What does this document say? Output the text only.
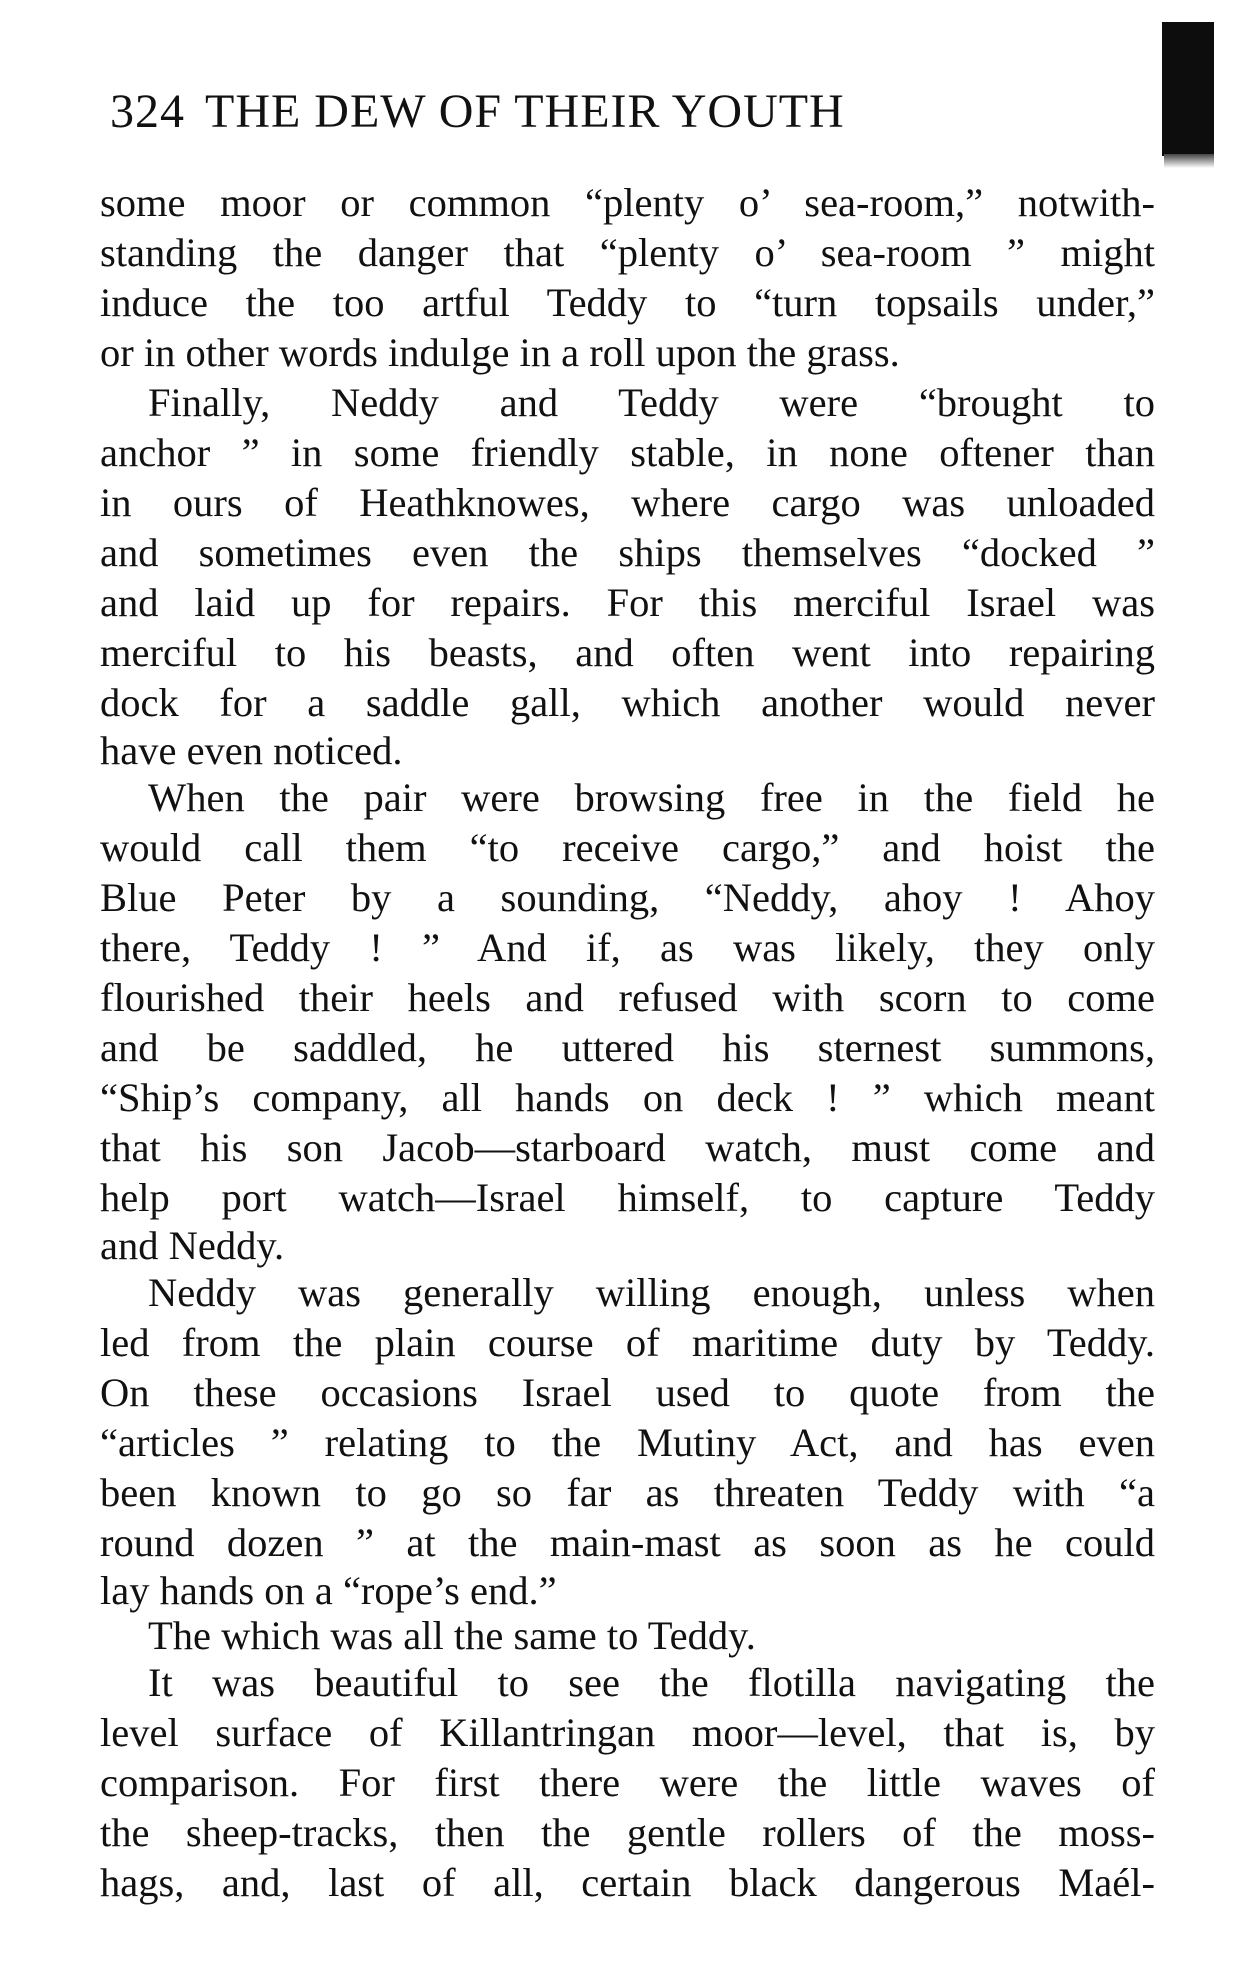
324 THE DEW OF THEIR YOUTH
some moor or common “plenty o’ sea-room,” notwith-
standing the danger that “plenty o’ sea-room ” might
induce the too artful Teddy to “turn topsails under,”
or in other words indulge in a roll upon the grass.
Finally, Neddy and Teddy were “brought to
anchor ” in some friendly stable, in none oftener than
in ours of Heathknowes, where cargo was unloaded
and sometimes even the ships themselves “docked ”
and laid up for repairs. For this merciful Israel was
merciful to his beasts, and often went into repairing
dock for a saddle gall, which another would never
have even noticed.
When the pair were browsing free in the field he
would call them “to receive cargo,” and hoist the
Blue Peter by a sounding, “Neddy, ahoy ! Ahoy
there, Teddy ! ” And if, as was likely, they only
flourished their heels and refused with scorn to come
and be saddled, he uttered his sternest summons,
“Ship’s company, all hands on deck ! ” which meant
that his son Jacob—starboard watch, must come and
help port watch—Israel himself, to capture Teddy
and Neddy.
Neddy was generally willing enough, unless when
led from the plain course of maritime duty by Teddy.
On these occasions Israel used to quote from the
“articles ” relating to the Mutiny Act, and has even
been known to go so far as threaten Teddy with “a
round dozen ” at the main-mast as soon as he could
lay hands on a “rope’s end.”
The which was all the same to Teddy.
It was beautiful to see the flotilla navigating the
level surface of Killantringan moor—level, that is, by
comparison. For first there were the little waves of
the sheep-tracks, then the gentle rollers of the moss-
hags, and, last of all, certain black dangerous Maél-
